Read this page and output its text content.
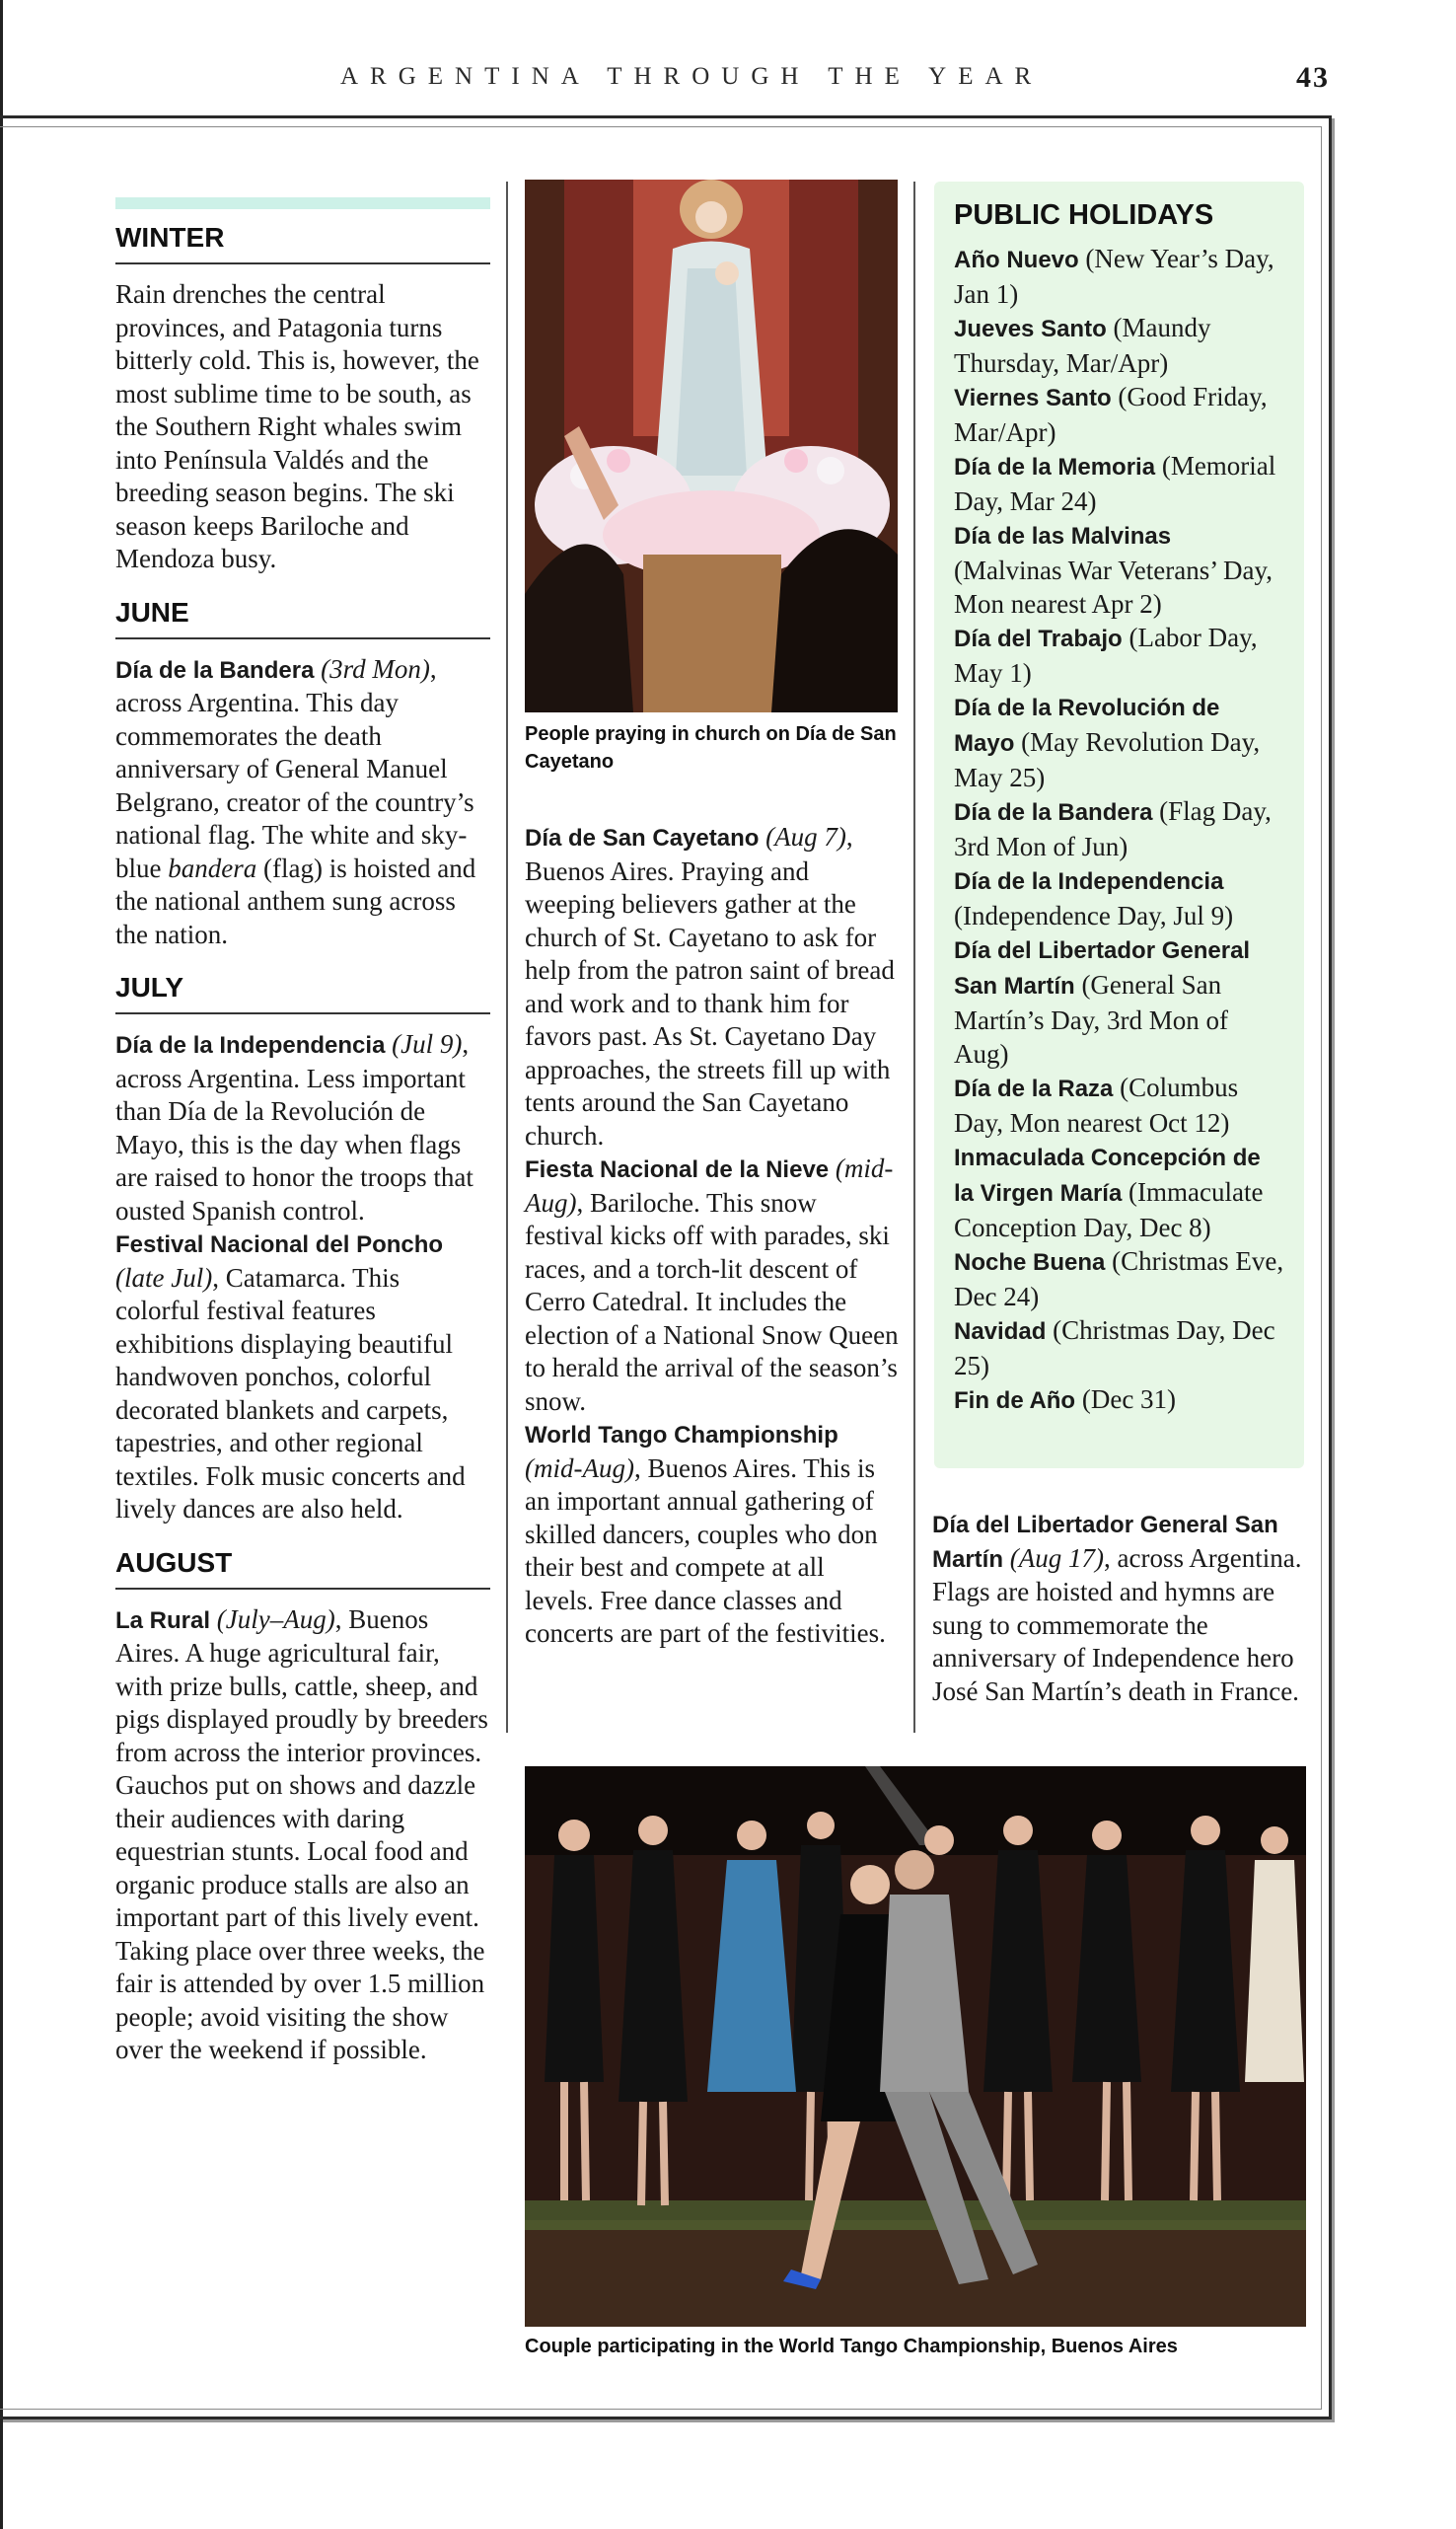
ARGENTINA THROUGH THE YEAR	43
WINTER

Rain drenches the central provinces, and Patagonia turns bitterly cold. This is, however, the most sublime time to be south, as the Southern Right whales swim into Península Valdés and the breeding season begins. The ski season keeps Bariloche and Mendoza busy.

JUNE

Día de la Bandera (3rd Mon), across Argentina. This day commemorates the death anniversary of General Manuel Belgrano, creator of the country’s national flag. The white and sky-blue bandera (flag) is hoisted and the national anthem sung across the nation.

JULY

Día de la Independencia (Jul 9), across Argentina. Less important than Día de la Revolución de Mayo, this is the day when flags are raised to honor the troops that ousted Spanish control.

Festival Nacional del Poncho (late Jul), Catamarca. This colorful festival features exhibitions displaying beautiful handwoven ponchos, colorful decorated blankets and carpets, tapestries, and other regional textiles. Folk music concerts and lively dances are also held.

AUGUST

La Rural (July–Aug), Buenos Aires. A huge agricultural fair, with prize bulls, cattle, sheep, and pigs displayed proudly by breeders from across the interior provinces. Gauchos put on shows and dazzle their audiences with daring equestrian stunts. Local food and organic produce stalls are also an important part of this lively event. Taking place over three weeks, the fair is attended by over 1.5 million people; avoid visiting the show over the weekend if possible.

People praying in church on Día de San Cayetano

Día de San Cayetano (Aug 7), Buenos Aires. Praying and weeping believers gather at the church of St. Cayetano to ask for help from the patron saint of bread and work and to thank him for favors past. As St. Cayetano Day approaches, the streets fill up with tents around the San Cayetano church.

Fiesta Nacional de la Nieve (mid-Aug), Bariloche. This snow festival kicks off with parades, ski races, and a torch-lit descent of Cerro Catedral. It includes the election of a National Snow Queen to herald the arrival of the season’s snow.

World Tango Championship (mid-Aug), Buenos Aires. This is an important annual gathering of skilled dancers, couples who don their best and compete at all levels. Free dance classes and concerts are part of the festivities.

PUBLIC HOLIDAYS
Año Nuevo (New Year’s Day, Jan 1)
Jueves Santo (Maundy Thursday, Mar/Apr)
Viernes Santo (Good Friday, Mar/Apr)
Día de la Memoria (Memorial Day, Mar 24)
Día de las Malvinas (Malvinas War Veterans’ Day, Mon nearest Apr 2)
Día del Trabajo (Labor Day, May 1)
Día de la Revolución de Mayo (May Revolution Day, May 25)
Día de la Bandera (Flag Day, 3rd Mon of Jun)
Día de la Independencia (Independence Day, Jul 9)
Día del Libertador General San Martín (General San Martín’s Day, 3rd Mon of Aug)
Día de la Raza (Columbus Day, Mon nearest Oct 12)
Inmaculada Concepción de la Virgen María (Immaculate Conception Day, Dec 8)
Noche Buena (Christmas Eve, Dec 24)
Navidad (Christmas Day, Dec 25)
Fin de Año (Dec 31)

Día del Libertador General San Martín (Aug 17), across Argentina. Flags are hoisted and hymns are sung to commemorate the anniversary of Independence hero José San Martín’s death in France.

Couple participating in the World Tango Championship, Buenos Aires
